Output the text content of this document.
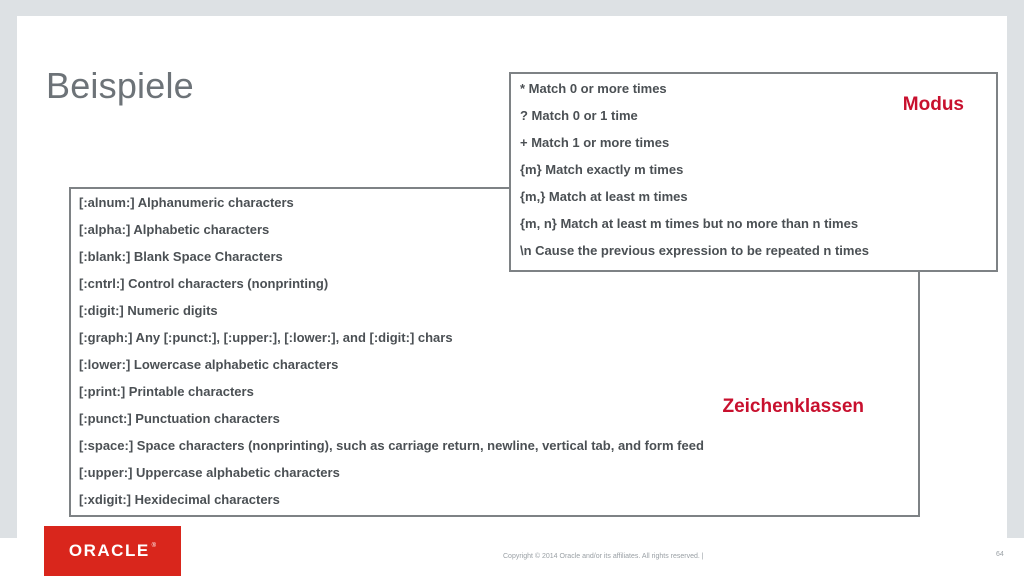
Beispiele
[:alnum:] Alphanumeric characters
[:alpha:] Alphabetic characters
[:blank:] Blank Space Characters
[:cntrl:] Control characters (nonprinting)
[:digit:] Numeric digits
[:graph:] Any [:punct:], [:upper:], [:lower:], and [:digit:] chars
[:lower:] Lowercase alphabetic characters
[:print:] Printable characters
[:punct:] Punctuation characters
[:space:] Space characters (nonprinting), such as carriage return, newline, vertical tab, and form feed
[:upper:] Uppercase alphabetic characters
[:xdigit:] Hexidecimal characters
Zeichenklassen
* Match 0 or more times
? Match 0 or 1 time
+ Match 1 or more times
{m} Match exactly m times
{m,} Match at least m times
{m, n} Match at least m times but no more than n times
\n Cause the previous expression to be repeated n times
Modus
ORACLE ®
Copyright © 2014 Oracle and/or its affiliates. All rights reserved. |	64
